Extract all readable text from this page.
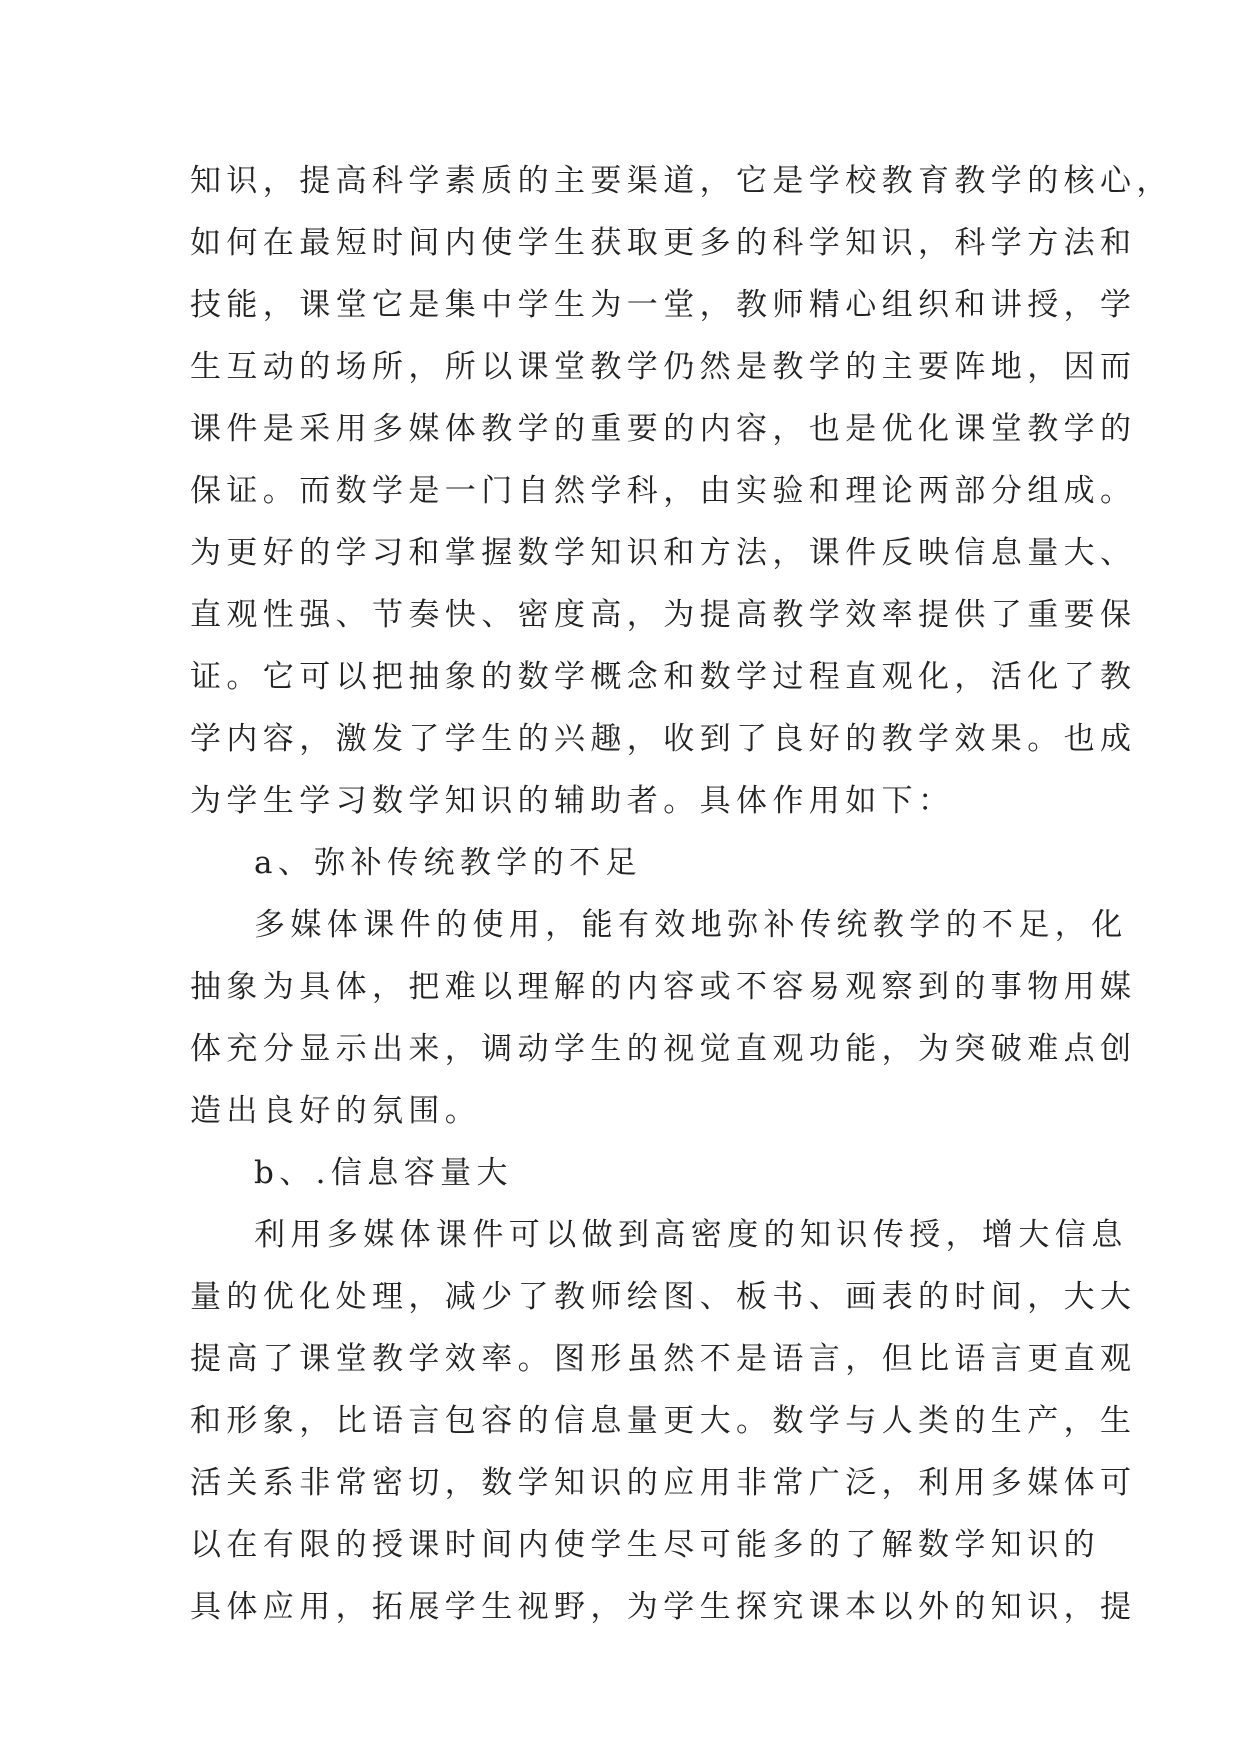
知识，提高科学素质的主要渠道，它是学校教育教学的核心，
如何在最短时间内使学生获取更多的科学知识，科学方法和
技能，课堂它是集中学生为一堂，教师精心组织和讲授，学
生互动的场所，所以课堂教学仍然是教学的主要阵地，因而
课件是采用多媒体教学的重要的内容，也是优化课堂教学的
保证。而数学是一门自然学科，由实验和理论两部分组成。
为更好的学习和掌握数学知识和方法，课件反映信息量大、
直观性强、节奏快、密度高，为提高教学效率提供了重要保
证。它可以把抽象的数学概念和数学过程直观化，活化了教
学内容，激发了学生的兴趣，收到了良好的教学效果。也成
为学生学习数学知识的辅助者。具体作用如下：
a、弥补传统教学的不足
多媒体课件的使用，能有效地弥补传统教学的不足，化
抽象为具体，把难以理解的内容或不容易观察到的事物用媒
体充分显示出来，调动学生的视觉直观功能，为突破难点创
造出良好的氛围。
b、.信息容量大
利用多媒体课件可以做到高密度的知识传授，增大信息
量的优化处理，减少了教师绘图、板书、画表的时间，大大
提高了课堂教学效率。图形虽然不是语言，但比语言更直观
和形象，比语言包容的信息量更大。数学与人类的生产，生
活关系非常密切，数学知识的应用非常广泛，利用多媒体可
以在有限的授课时间内使学生尽可能多的了解数学知识的
具体应用，拓展学生视野，为学生探究课本以外的知识，提
